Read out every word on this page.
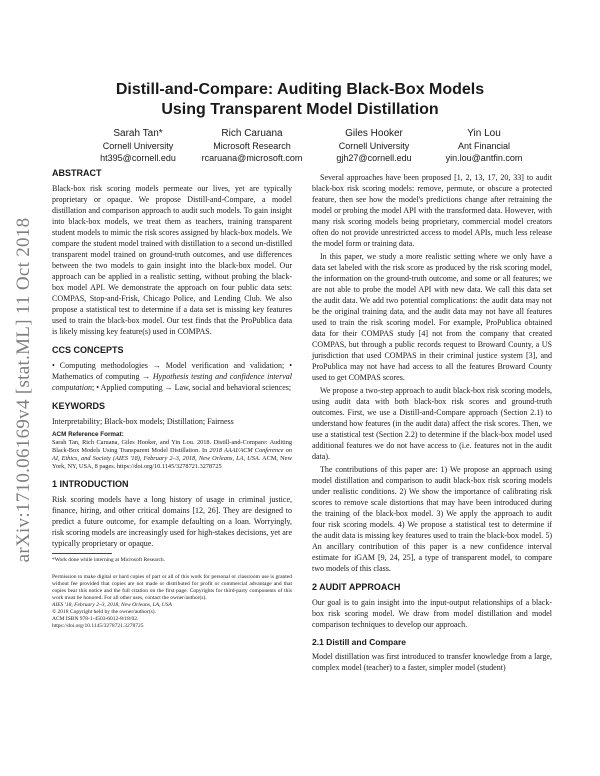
arXiv:1710.06169v4 [stat.ML] 11 Oct 2018
Distill-and-Compare: Auditing Black-Box Models
Using Transparent Model Distillation
Sarah Tan*
Cornell University
ht395@cornell.edu
Rich Caruana
Microsoft Research
rcaruana@microsoft.com
Giles Hooker
Cornell University
gjh27@cornell.edu
Yin Lou
Ant Financial
yin.lou@antfin.com
ABSTRACT

Black-box risk scoring models permeate our lives, yet are typically proprietary or opaque. We propose Distill-and-Compare, a model distillation and comparison approach to audit such models. To gain insight into black-box models, we treat them as teachers, training transparent student models to mimic the risk scores assigned by black-box models. We compare the student model trained with distillation to a second un-distilled transparent model trained on ground-truth outcomes, and use differences between the two models to gain insight into the black-box model. Our approach can be applied in a realistic setting, without probing the black-box model API. We demonstrate the approach on four public data sets: COMPAS, Stop-and-Frisk, Chicago Police, and Lending Club. We also propose a statistical test to determine if a data set is missing key features used to train the black-box model. Our test finds that the ProPublica data is likely missing key feature(s) used in COMPAS.

CCS CONCEPTS

• Computing methodologies → Model verification and validation; • Mathematics of computing → Hypothesis testing and confidence interval computation; • Applied computing → Law, social and behavioral sciences;

KEYWORDS

Interpretability; Black-box models; Distillation; Fairness

ACM Reference Format:
Sarah Tan, Rich Caruana, Giles Hooker, and Yin Lou. 2018. Distill-and-Compare: Auditing Black-Box Models Using Transparent Model Distillation. In 2018 AAAI/ACM Conference on AI, Ethics, and Society (AIES '18), February 2–3, 2018, New Orleans, LA, USA. ACM, New York, NY, USA, 8 pages. https://doi.org/10.1145/3278721.3278725
1 INTRODUCTION

Risk scoring models have a long history of usage in criminal justice, finance, hiring, and other critical domains [12, 26]. They are designed to predict a future outcome, for example defaulting on a loan. Worryingly, risk scoring models are increasingly used for high-stakes decisions, yet are typically proprietary or opaque.

*Work done while interning at Microsoft Research.
Permission to make digital or hard copies of part or all of this work for personal or classroom use is granted without fee provided that copies are not made or distributed for profit or commercial advantage and that copies bear this notice and the full citation on the first page. Copyrights for third-party components of this work must be honored. For all other uses, contact the owner/author(s).
AIES '18, February 2–3, 2018, New Orleans, LA, USA
© 2018 Copyright held by the owner/author(s).
ACM ISBN 978-1-4503-6012-8/18/02.
https://doi.org/10.1145/3278721.3278725

Several approaches have been proposed [1, 2, 13, 17, 20, 33] to audit black-box risk scoring models: remove, permute, or obscure a protected feature, then see how the model's predictions change after retraining the model or probing the model API with the transformed data. However, with many risk scoring models being proprietary, commercial model creators often do not provide unrestricted access to model APIs, much less release the model form or training data.

In this paper, we study a more realistic setting where we only have a data set labeled with the risk score as produced by the risk scoring model, the information on the ground-truth outcome, and some or all features; we are not able to probe the model API with new data. We call this data set the audit data. We add two potential complications: the audit data may not be the original training data, and the audit data may not have all features used to train the risk scoring model. For example, ProPublica obtained data for their COMPAS study [4] not from the company that created COMPAS, but through a public records request to Broward County, a US jurisdiction that used COMPAS in their criminal justice system [3], and ProPublica may not have had access to all the features Broward County used to get COMPAS scores.

We propose a two-step approach to audit black-box risk scoring models, using audit data with both black-box risk scores and ground-truth outcomes. First, we use a Distill-and-Compare approach (Section 2.1) to understand how features (in the audit data) affect the risk scores. Then, we use a statistical test (Section 2.2) to determine if the black-box model used additional features we do not have access to (i.e. features not in the audit data).

The contributions of this paper are: 1) We propose an approach using model distillation and comparison to audit black-box risk scoring models under realistic conditions. 2) We show the importance of calibrating risk scores to remove scale distortions that may have been introduced during the training of the black-box model. 3) We apply the approach to audit four risk scoring models. 4) We propose a statistical test to determine if the audit data is missing key features used to train the black-box model. 5) An ancillary contribution of this paper is a new confidence interval estimate for iGAM [9, 24, 25], a type of transparent model, to compare two models of this class.

2 AUDIT APPROACH

Our goal is to gain insight into the input-output relationships of a black-box risk scoring model. We draw from model distillation and model comparison techniques to develop our approach.

2.1 Distill and Compare

Model distillation was first introduced to transfer knowledge from a large, complex model (teacher) to a faster, simpler model (student)
